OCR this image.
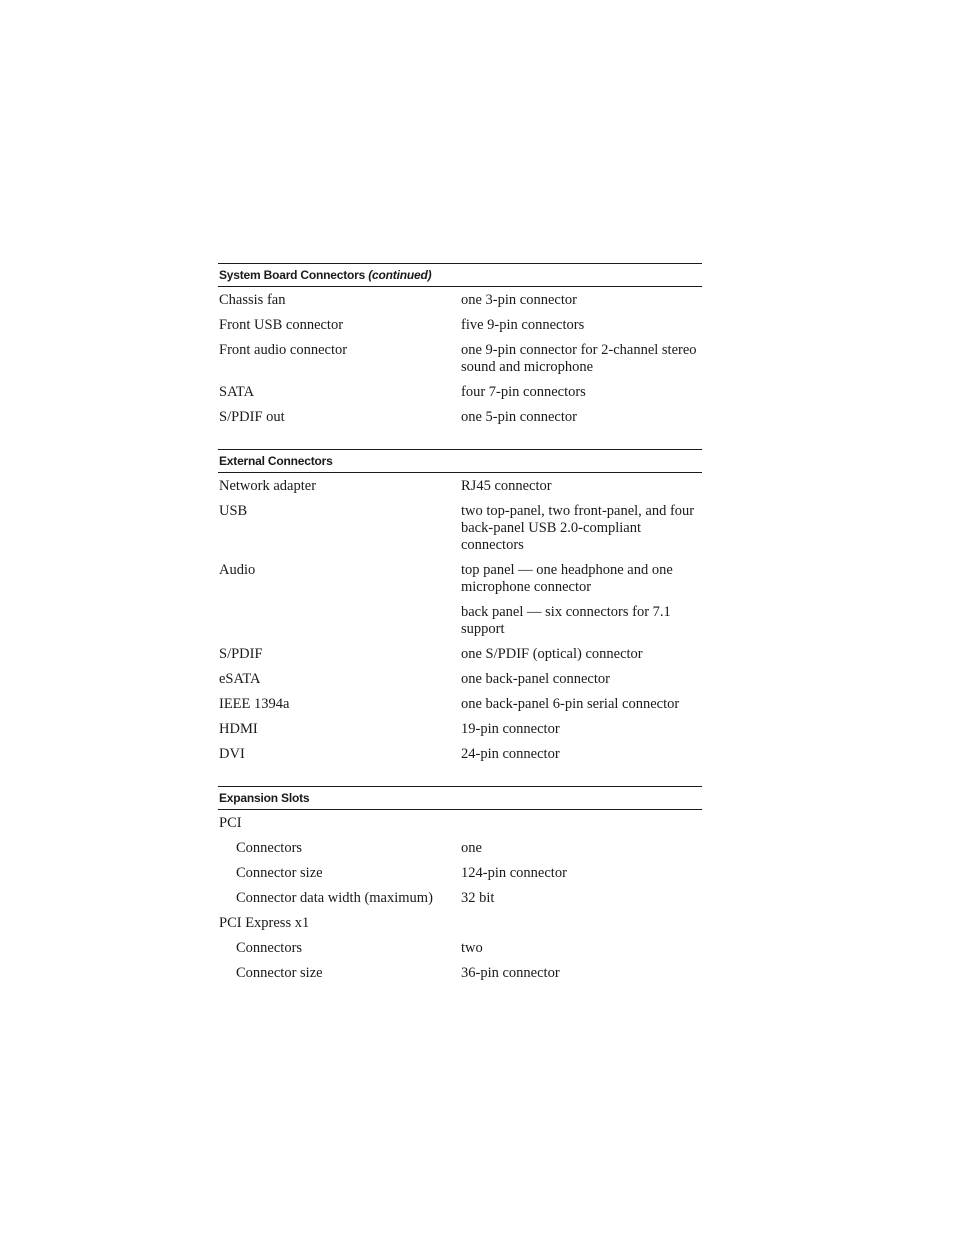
System Board Connectors (continued)
Chassis fan	one 3-pin connector
Front USB connector	five 9-pin connectors
Front audio connector	one 9-pin connector for 2-channel stereo sound and microphone
SATA	four 7-pin connectors
S/PDIF out	one 5-pin connector
External Connectors
Network adapter	RJ45 connector
USB	two top-panel, two front-panel, and four back-panel USB 2.0-compliant connectors
Audio	top panel — one headphone and one microphone connector
back panel — six connectors for 7.1 support
S/PDIF	one S/PDIF (optical) connector
eSATA	one back-panel connector
IEEE 1394a	one back-panel 6-pin serial connector
HDMI	19-pin connector
DVI	24-pin connector
Expansion Slots
PCI
Connectors	one
Connector size	124-pin connector
Connector data width (maximum)	32 bit
PCI Express x1
Connectors	two
Connector size	36-pin connector
